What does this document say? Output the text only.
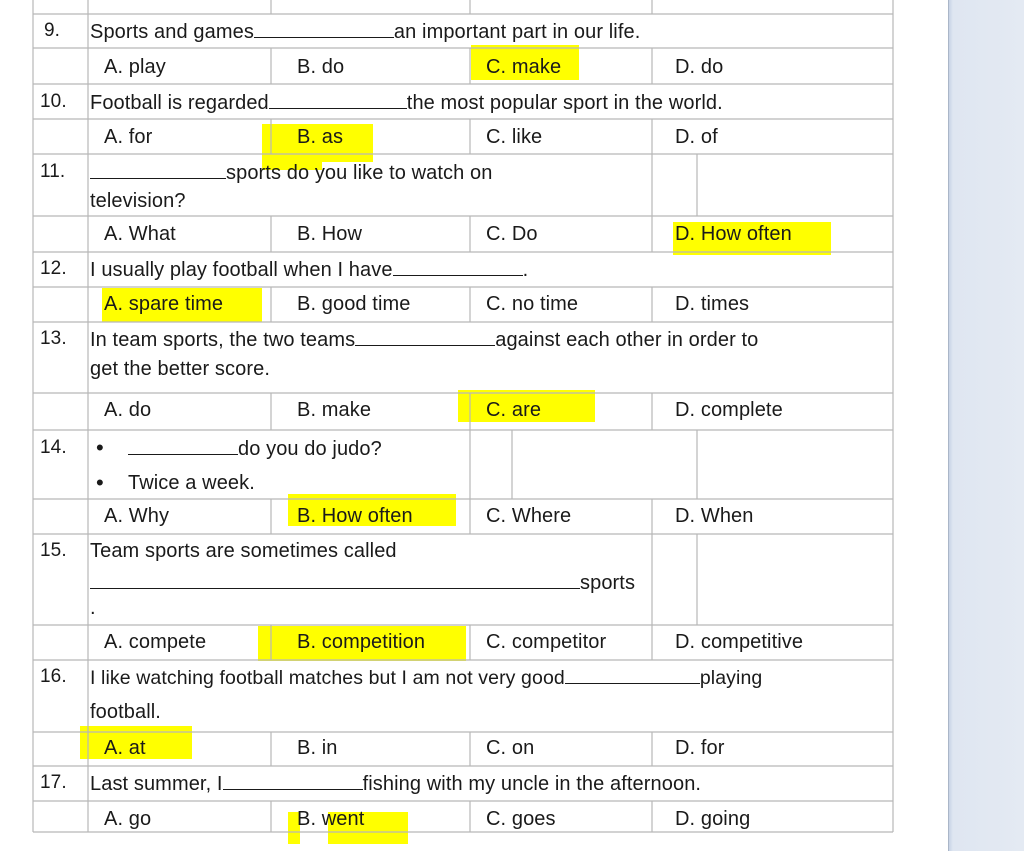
9. Sports and games	an important part in our life.
A. play	B. do	C. make	D. do
10. Football is regarded	the most popular sport in the world.
A. for	B. as	C. like	D. of
11.	sports do you like to watch on
television?
A. What	B. How	C. Do	D. How often
12. I usually play football when I have	.
A. spare time	B. good time	C. no time	D. times
13. In team sports, the two teams	against each other in order to
get the better score.
A. do	B. make	C. are	D. complete
14. •	do you do judo?
• Twice a week.
A. Why	B. How often	C. Where	D. When
15. Team sports are sometimes called
sports
.
A. compete	B. competition	C. competitor	D. competitive
16. I like watching football matches but I am not very good	playing
football.
A. at	B. in	C. on	D. for
17. Last summer, I	fishing with my uncle in the afternoon.
A. go	B. went	C. goes	D. going
